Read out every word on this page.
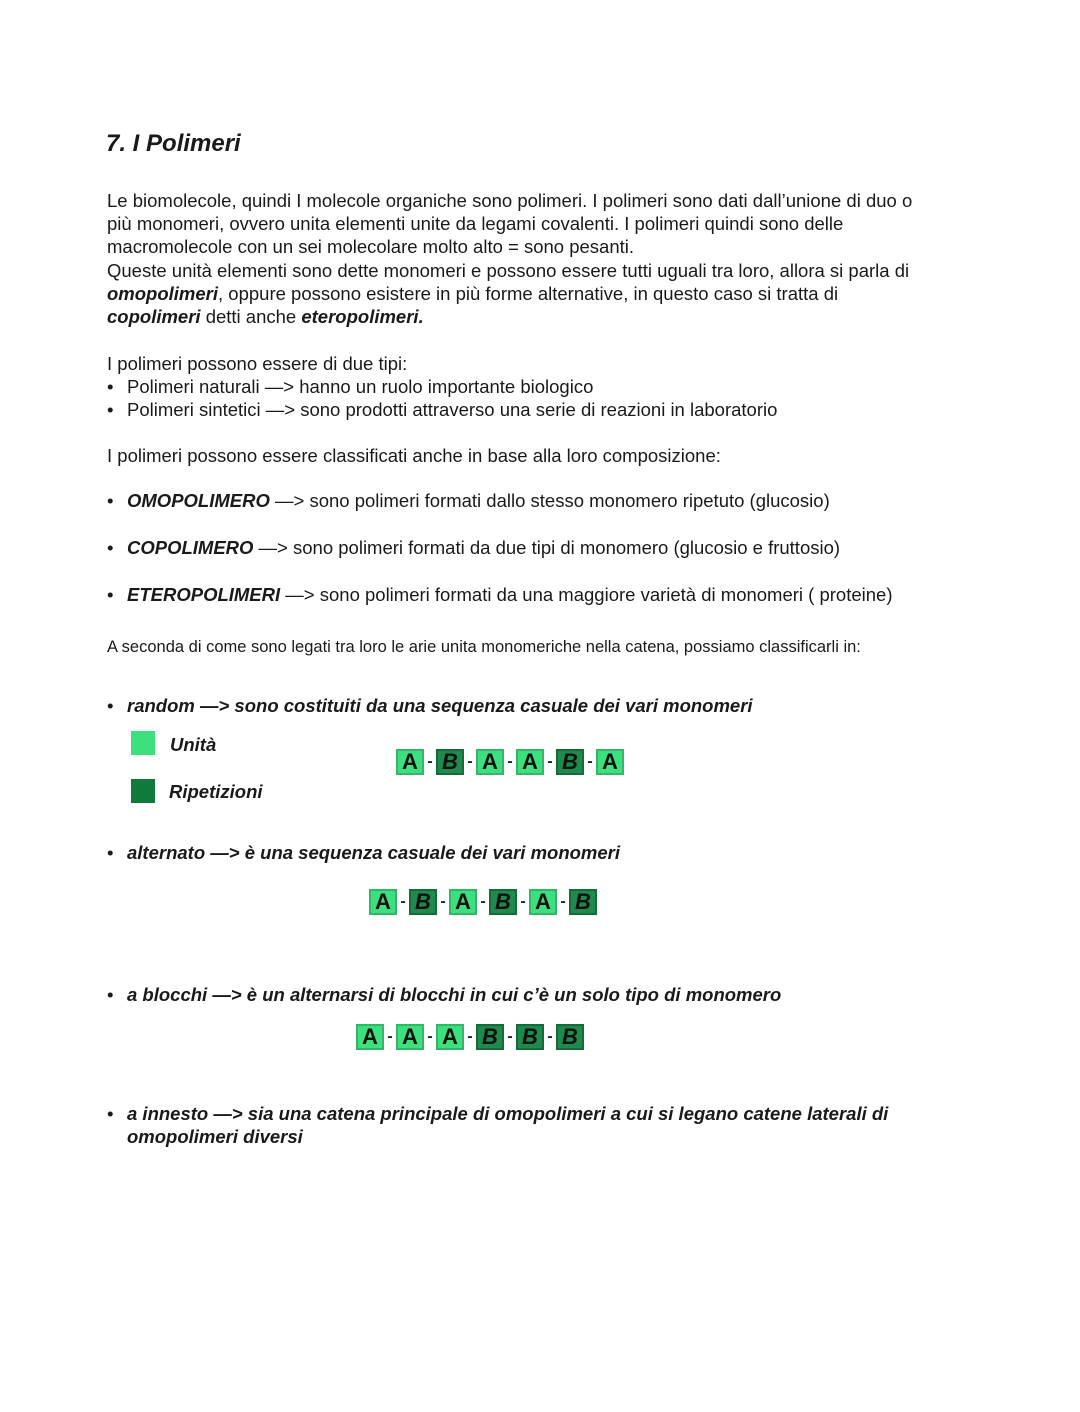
7. I Polimeri
Le biomolecole, quindi I molecole organiche sono polimeri. I polimeri sono dati dall’unione di duo o
più monomeri, ovvero unita elementi unite da legami covalenti. I polimeri quindi sono delle
macromolecole con un sei molecolare molto alto = sono pesanti.
Queste unità elementi sono dette monomeri e possono essere tutti uguali tra loro, allora si parla di
omopolimeri, oppure possono esistere in più forme alternative, in questo caso si tratta di
copolimeri detti anche eteropolimeri.
I polimeri possono essere di due tipi:
• Polimeri naturali —> hanno un ruolo importante biologico
• Polimeri sintetici —> sono prodotti attraverso una serie di reazioni in laboratorio
I polimeri possono essere classificati anche in base alla loro composizione:
• OMOPOLIMERO —> sono polimeri formati dallo stesso monomero ripetuto (glucosio)
• COPOLIMERO —> sono polimeri formati da due tipi di monomero (glucosio e fruttosio)
• ETEROPOLIMERI —> sono polimeri formati da una maggiore varietà di monomeri ( proteine)
A seconda di come sono legati tra loro le arie unita monomeriche nella catena, possiamo classificarli in:
• random —> sono costituiti da una sequenza casuale dei vari monomeri
Unità
Ripetizioni
A - B - A - A - B - A
• alternato —> è una sequenza casuale dei vari monomeri
A - B - A - B - A - B
• a blocchi —> è un alternarsi di blocchi in cui c’è un solo tipo di monomero
A - A - A - B - B - B
• a innesto —> sia una catena principale di omopolimeri a cui si legano catene laterali di
omopolimeri diversi
